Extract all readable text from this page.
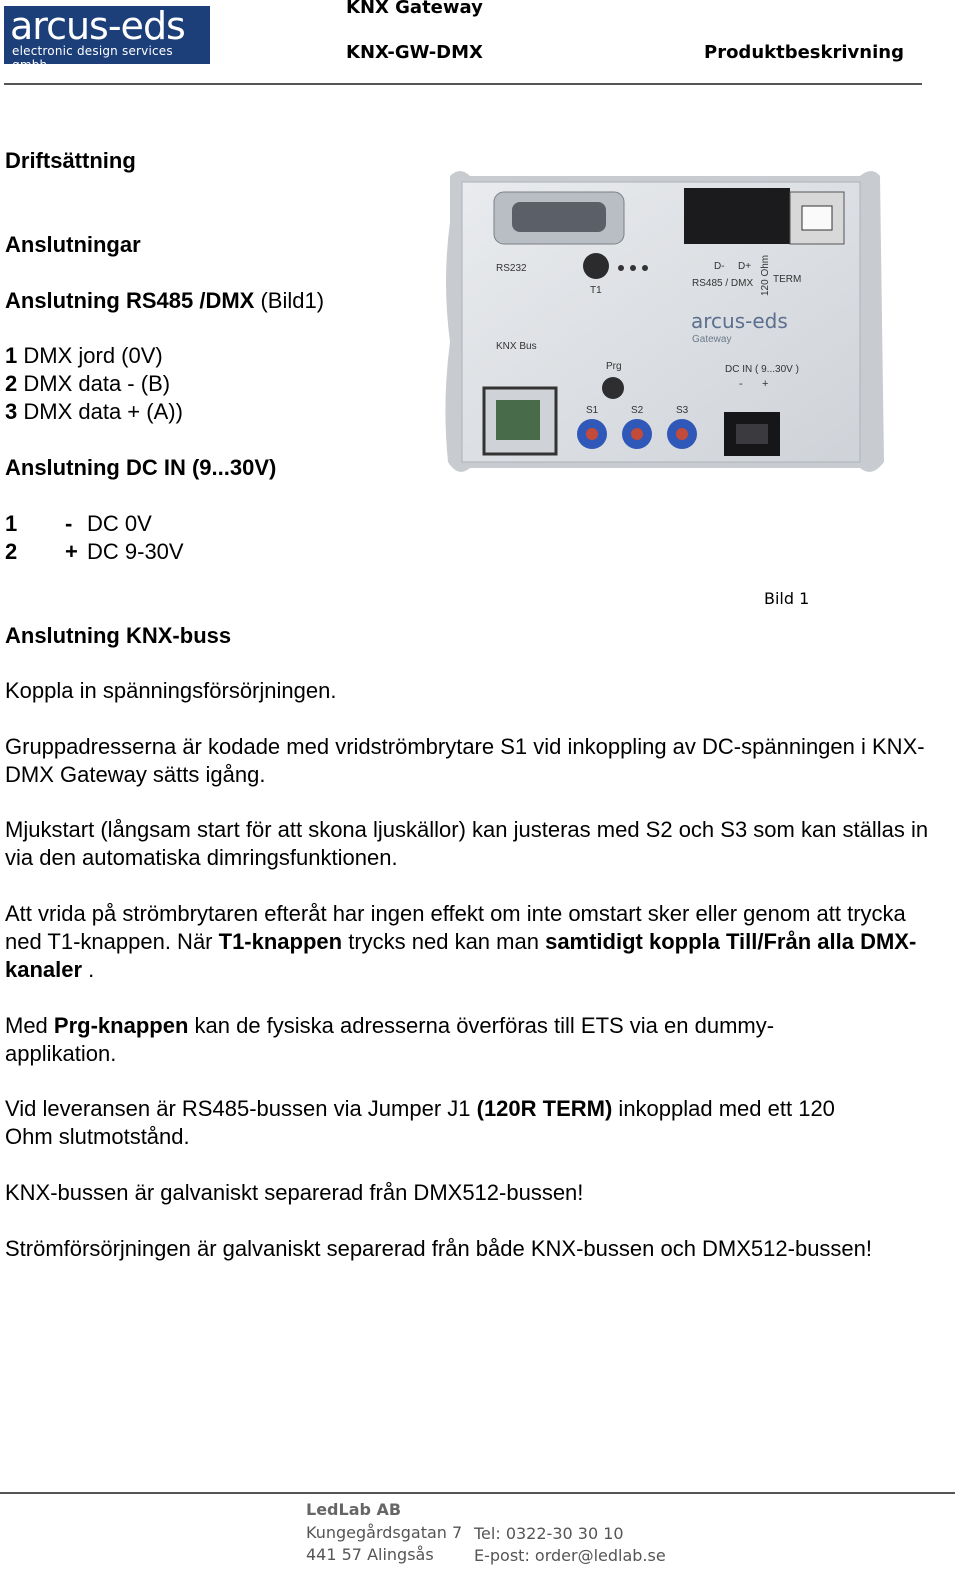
arcus-eds
electronic design services gmbh
KNX Gateway
KNX-GW-DMX	Produktbeskrivning
Driftsättning
Anslutningar
Anslutning RS485 /DMX (Bild1)
1 DMX jord (0V)
2 DMX data - (B)
3 DMX data + (A))
Anslutning DC IN (9...30V)
1 - DC 0V
2 + DC 9-30V
Anslutning KNX-buss
RS232
T1
D- D+
RS485 / DMX 120 Ohm TERM
arcus-eds
Gateway
KNX Bus
Prg	DC IN ( 9...30V )
- +
S1	S2	S3
Bild 1
Koppla in spänningsförsörjningen.
Gruppadresserna är kodade med vridströmbrytare S1 vid inkoppling av DC-spänningen i KNX-DMX Gateway sätts igång.
Mjukstart (långsam start för att skona ljuskällor) kan justeras med S2 och S3 som kan ställas in via den automatiska dimringsfunktionen.
Att vrida på strömbrytaren efteråt har ingen effekt om inte omstart sker eller genom att trycka ned T1-knappen. När T1-knappen trycks ned kan man samtidigt koppla Till/Från alla DMX-kanaler .
Med Prg-knappen kan de fysiska adresserna överföras till ETS via en dummy-applikation.
Vid leveransen är RS485-bussen via Jumper J1 (120R TERM) inkopplad med ett 120 Ohm slutmotstånd.
KNX-bussen är galvaniskt separerad från DMX512-bussen!
Strömförsörjningen är galvaniskt separerad från både KNX-bussen och DMX512-bussen!
LedLab AB
Kungegårdsgatan 7
441 57 Alingsås
Tel: 0322-30 30 10
E-post: order@ledlab.se
